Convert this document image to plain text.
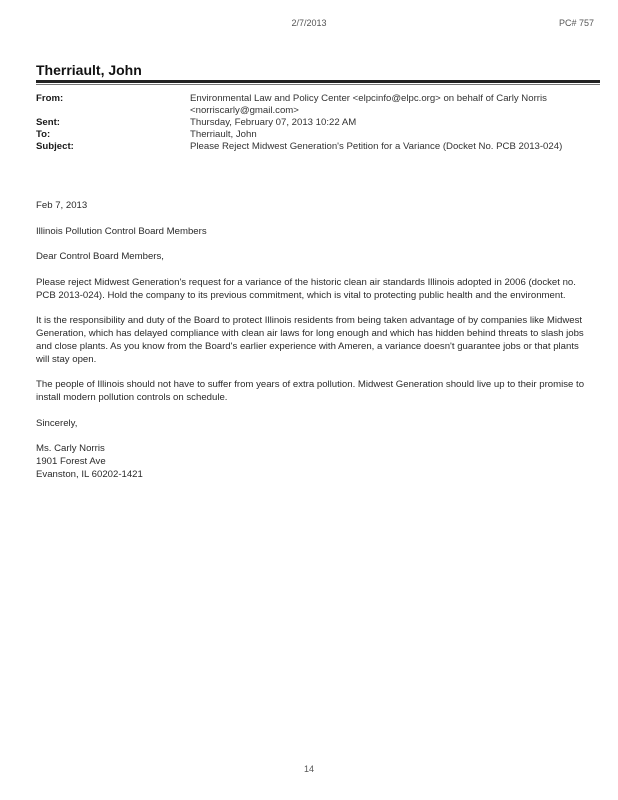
2/7/2013	PC# 757
Therriault, John
From:	Environmental Law and Policy Center <elpcinfo@elpc.org> on behalf of Carly Norris
<norriscarly@gmail.com>
Sent:	Thursday, February 07, 2013 10:22 AM
To:	Therriault, John
Subject:	Please Reject Midwest Generation's Petition for a Variance (Docket No. PCB 2013-024)

Feb 7, 2013

Illinois Pollution Control Board Members

Dear Control Board Members,

Please reject Midwest Generation's request for a variance of the historic clean air standards Illinois adopted in 2006 (docket no. PCB 2013-024). Hold the company to its previous commitment, which is vital to protecting public health and the environment.

It is the responsibility and duty of the Board to protect Illinois residents from being taken advantage of by companies like Midwest Generation, which has delayed compliance with clean air laws for long enough and which has hidden behind threats to slash jobs and close plants. As you know from the Board's earlier experience with Ameren, a variance doesn't guarantee jobs or that plants will stay open.

The people of Illinois should not have to suffer from years of extra pollution. Midwest Generation should live up to their promise to install modern pollution controls on schedule.

Sincerely,

Ms. Carly Norris

1901 Forest Ave

Evanston, IL 60202-1421

14
